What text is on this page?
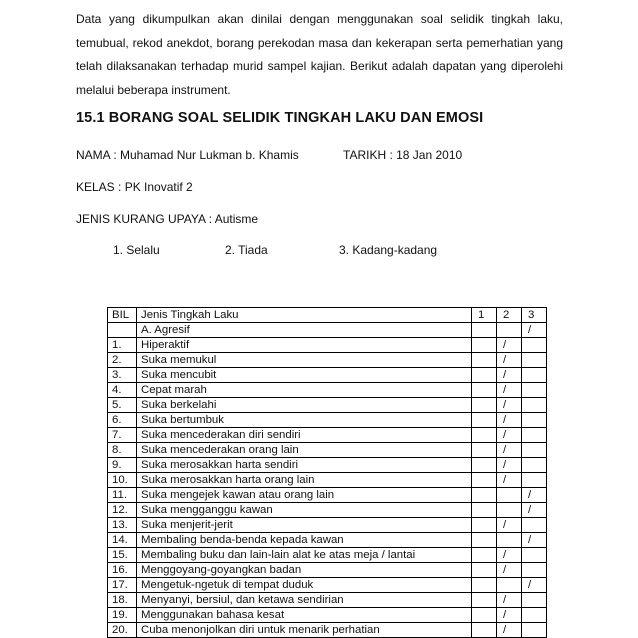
Data yang dikumpulkan akan dinilai dengan menggunakan soal selidik tingkah laku, temubual, rekod anekdot, borang perekodan masa dan kekerapan serta pemerhatian yang telah dilaksanakan terhadap murid sampel kajian. Berikut adalah dapatan yang diperolehi melalui beberapa instrument.

15.1 BORANG SOAL SELIDIK TINGKAH LAKU DAN EMOSI

NAMA : Muhamad Nur Lukman b. Khamis	TARIKH : 18 Jan 2010

KELAS : PK Inovatif 2

JENIS KURANG UPAYA : Autisme

1. Selalu	2. Tiada	3. Kadang-kadang
BIL	Jenis Tingkah Laku	1	2	3
	A. Agresif			/
1.	Hiperaktif		/	
2.	Suka memukul		/	
3.	Suka mencubit		/	
4.	Cepat marah		/	
5.	Suka berkelahi		/	
6.	Suka bertumbuk		/	
7.	Suka mencederakan diri sendiri		/	
8.	Suka mencederakan orang lain		/	
9.	Suka merosakkan harta sendiri		/	
10.	Suka merosakkan harta orang lain		/	
11.	Suka mengejek kawan atau orang lain			/
12.	Suka mengganggu kawan			/
13.	Suka menjerit-jerit		/	
14.	Membaling benda-benda kepada kawan			/
15.	Membaling buku dan lain-lain alat ke atas meja / lantai		/	
16.	Menggoyang-goyangkan badan		/	
17.	Mengetuk-ngetuk di tempat duduk			/
18.	Menyanyi, bersiul, dan ketawa sendirian		/	
19.	Menggunakan bahasa kesat		/	
20.	Cuba menonjolkan diri untuk menarik perhatian		/	
